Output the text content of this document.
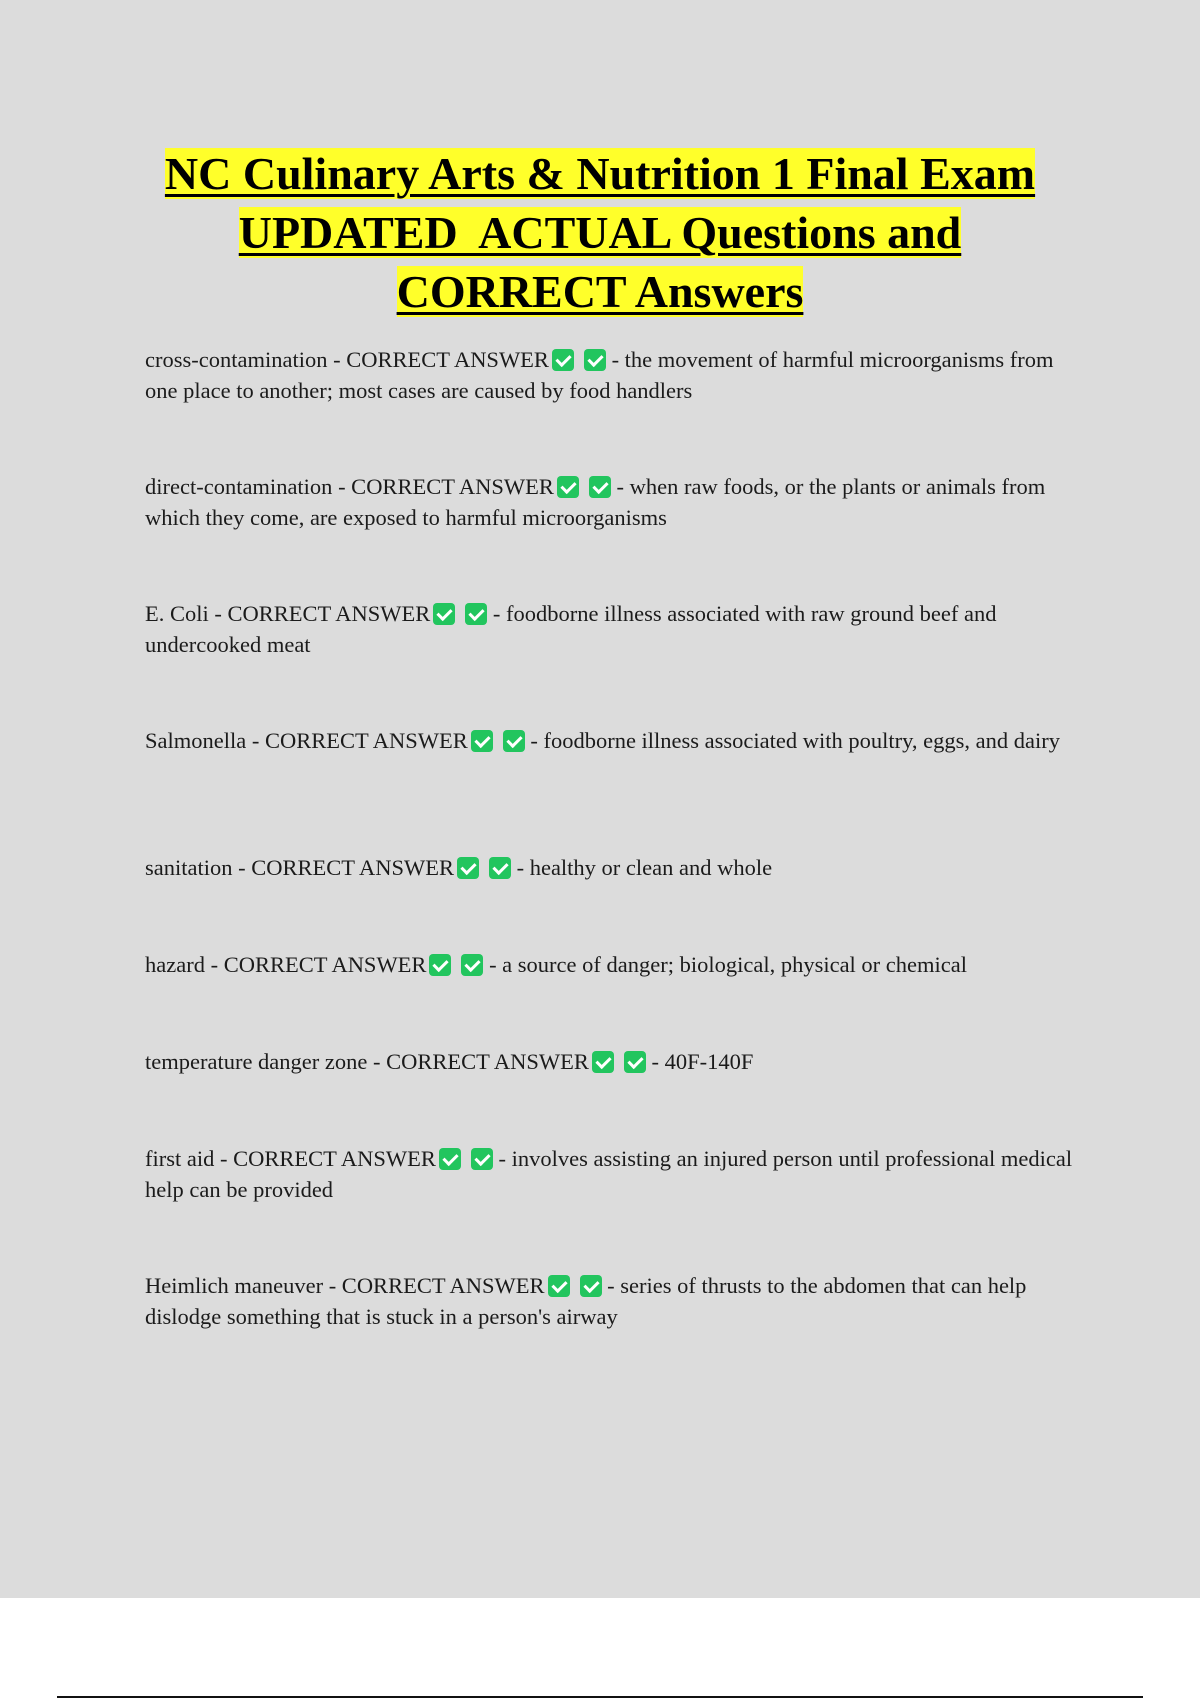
NC Culinary Arts & Nutrition 1 Final Exam
UPDATED  ACTUAL Questions and
CORRECT Answers
cross-contamination - CORRECT ANSWER	- the movement of harmful microorganisms from one place to another; most cases are caused by food handlers
direct-contamination - CORRECT ANSWER	- when raw foods, or the plants or animals from which they come, are exposed to harmful microorganisms
E. Coli - CORRECT ANSWER	- foodborne illness associated with raw ground beef and undercooked meat
Salmonella - CORRECT ANSWER	- foodborne illness associated with poultry, eggs, and dairy
sanitation - CORRECT ANSWER	- healthy or clean and whole
hazard - CORRECT ANSWER	- a source of danger; biological, physical or chemical
temperature danger zone - CORRECT ANSWER	- 40F-140F
first aid - CORRECT ANSWER	- involves assisting an injured person until professional medical help can be provided
Heimlich maneuver - CORRECT ANSWER	- series of thrusts to the abdomen that can help dislodge something that is stuck in a person's airway
